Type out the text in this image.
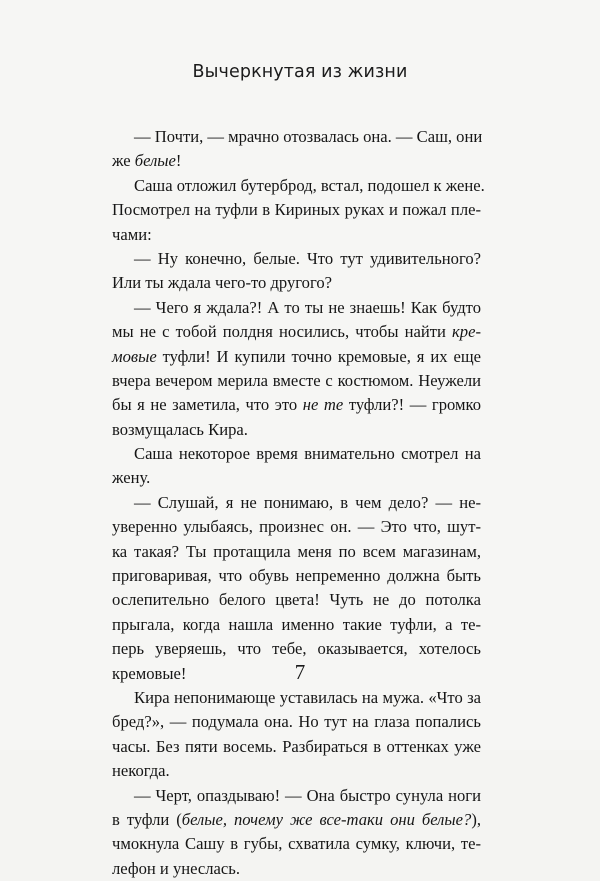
Вычеркнутая из жизни
— Почти, — мрачно отозвалась она. — Саш, они
же белые!
Саша отложил бутерброд, встал, подошел к жене.
Посмотрел на туфли в Кириных руках и пожал пле-
чами:
— Ну конечно, белые. Что тут удивительного?
Или ты ждала чего-то другого?
— Чего я ждала?! А то ты не знаешь! Как будто
мы не с тобой полдня носились, чтобы найти кре-
мовые туфли! И купили точно кремовые, я их еще
вчера вечером мерила вместе с костюмом. Неужели
бы я не заметила, что это не те туфли?! — громко
возмущалась Кира.
Саша некоторое время внимательно смотрел на
жену.
— Слушай, я не понимаю, в чем дело? — не-
уверенно улыбаясь, произнес он. — Это что, шут-
ка такая? Ты протащила меня по всем магазинам,
приговаривая, что обувь непременно должна быть
ослепительно белого цвета! Чуть не до потолка
прыгала, когда нашла именно такие туфли, а те-
перь уверяешь, что тебе, оказывается, хотелось
кремовые!
Кира непонимающе уставилась на мужа. «Что за
бред?», — подумала она. Но тут на глаза попались
часы. Без пяти восемь. Разбираться в оттенках уже
некогда.
— Черт, опаздываю! — Она быстро сунула ноги
в туфли (белые, почему же все-таки они белые?),
чмокнула Сашу в губы, схватила сумку, ключи, те-
лефон и унеслась.
7
